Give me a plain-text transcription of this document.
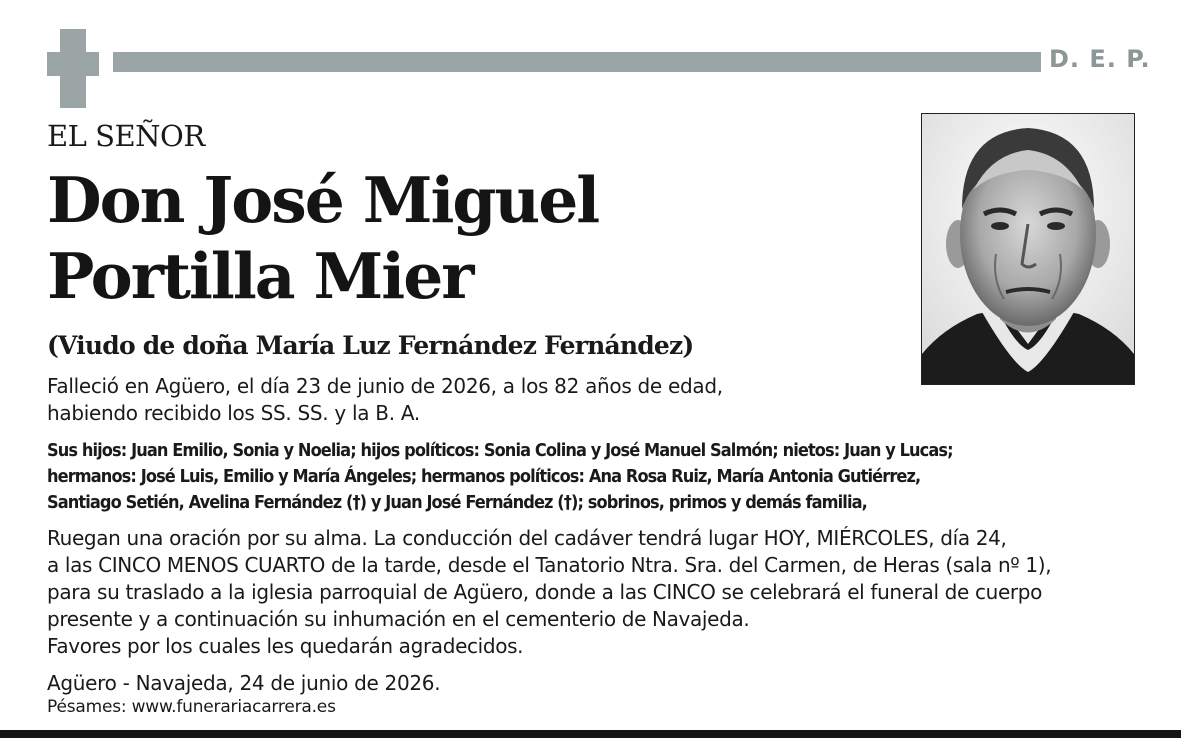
D. E. P.
EL SEÑOR
Don José Miguel
Portilla Mier
(Viudo de doña María Luz Fernández Fernández)
Falleció en Agüero, el día 23 de junio de 2026, a los 82 años de edad,
habiendo recibido los SS. SS. y la B. A.
Sus hijos: Juan Emilio, Sonia y Noelia; hijos políticos: Sonia Colina y José Manuel Salmón; nietos: Juan y Lucas;
hermanos: José Luis, Emilio y María Ángeles; hermanos políticos: Ana Rosa Ruiz, María Antonia Gutiérrez,
Santiago Setién, Avelina Fernández (†) y Juan José Fernández (†); sobrinos, primos y demás familia,
Ruegan una oración por su alma. La conducción del cadáver tendrá lugar HOY, MIÉRCOLES, día 24,
a las CINCO MENOS CUARTO de la tarde, desde el Tanatorio Ntra. Sra. del Carmen, de Heras (sala nº 1),
para su traslado a la iglesia parroquial de Agüero, donde a las CINCO se celebrará el funeral de cuerpo
presente y a continuación su inhumación en el cementerio de Navajeda.
Favores por los cuales les quedarán agradecidos.
Agüero - Navajeda, 24 de junio de 2026.
Pésames: www.funerariacarrera.es
